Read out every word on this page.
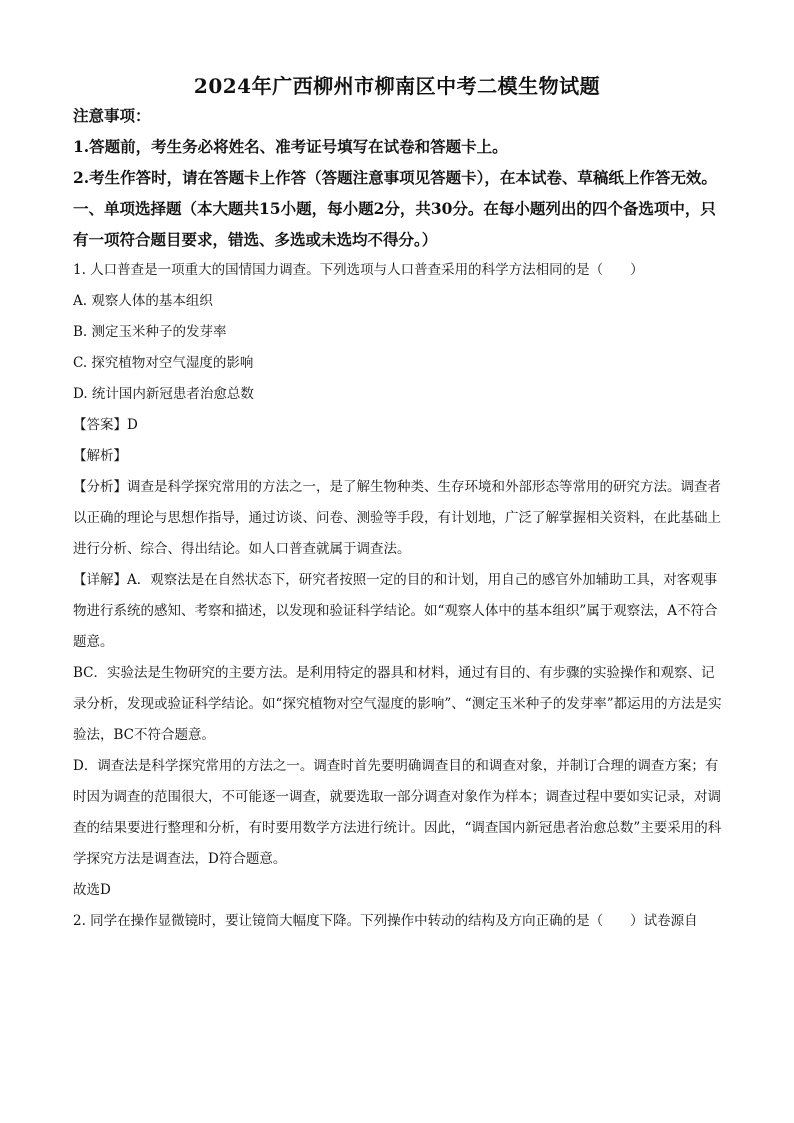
2024年广西柳州市柳南区中考二模生物试题

注意事项：

1.答题前，考生务必将姓名、准考证号填写在试卷和答题卡上。

2.考生作答时，请在答题卡上作答（答题注意事项见答题卡），在本试卷、草稿纸上作答无效。

一、单项选择题（本大题共15小题，每小题2分，共30分。在每小题列出的四个备选项中，只有一项符合题目要求，错选、多选或未选均不得分。）

1. 人口普查是一项重大的国情国力调查。下列选项与人口普查采用的科学方法相同的是（　　）

A. 观察人体的基本组织

B. 测定玉米种子的发芽率

C. 探究植物对空气湿度的影响

D. 统计国内新冠患者治愈总数

【答案】D

【解析】

【分析】调查是科学探究常用的方法之一，是了解生物种类、生存环境和外部形态等常用的研究方法。调查者以正确的理论与思想作指导，通过访谈、问卷、测验等手段，有计划地，广泛了解掌握相关资料，在此基础上进行分析、综合、得出结论。如人口普查就属于调查法。

【详解】A．观察法是在自然状态下，研究者按照一定的目的和计划，用自己的感官外加辅助工具，对客观事物进行系统的感知、考察和描述，以发现和验证科学结论。如“观察人体中的基本组织”属于观察法，A不符合题意。

BC．实验法是生物研究的主要方法。是利用特定的器具和材料，通过有目的、有步骤的实验操作和观察、记录分析，发现或验证科学结论。如“探究植物对空气湿度的影响”、“测定玉米种子的发芽率”都运用的方法是实验法，BC不符合题意。

D．调查法是科学探究常用的方法之一。调查时首先要明确调查目的和调查对象，并制订合理的调查方案；有时因为调查的范围很大，不可能逐一调查，就要选取一部分调查对象作为样本；调查过程中要如实记录，对调查的结果要进行整理和分析，有时要用数学方法进行统计。因此，“调查国内新冠患者治愈总数”主要采用的科学探究方法是调查法，D符合题意。

故选D

2. 同学在操作显微镜时，要让镜筒大幅度下降。下列操作中转动的结构及方向正确的是（　　）试卷源自
